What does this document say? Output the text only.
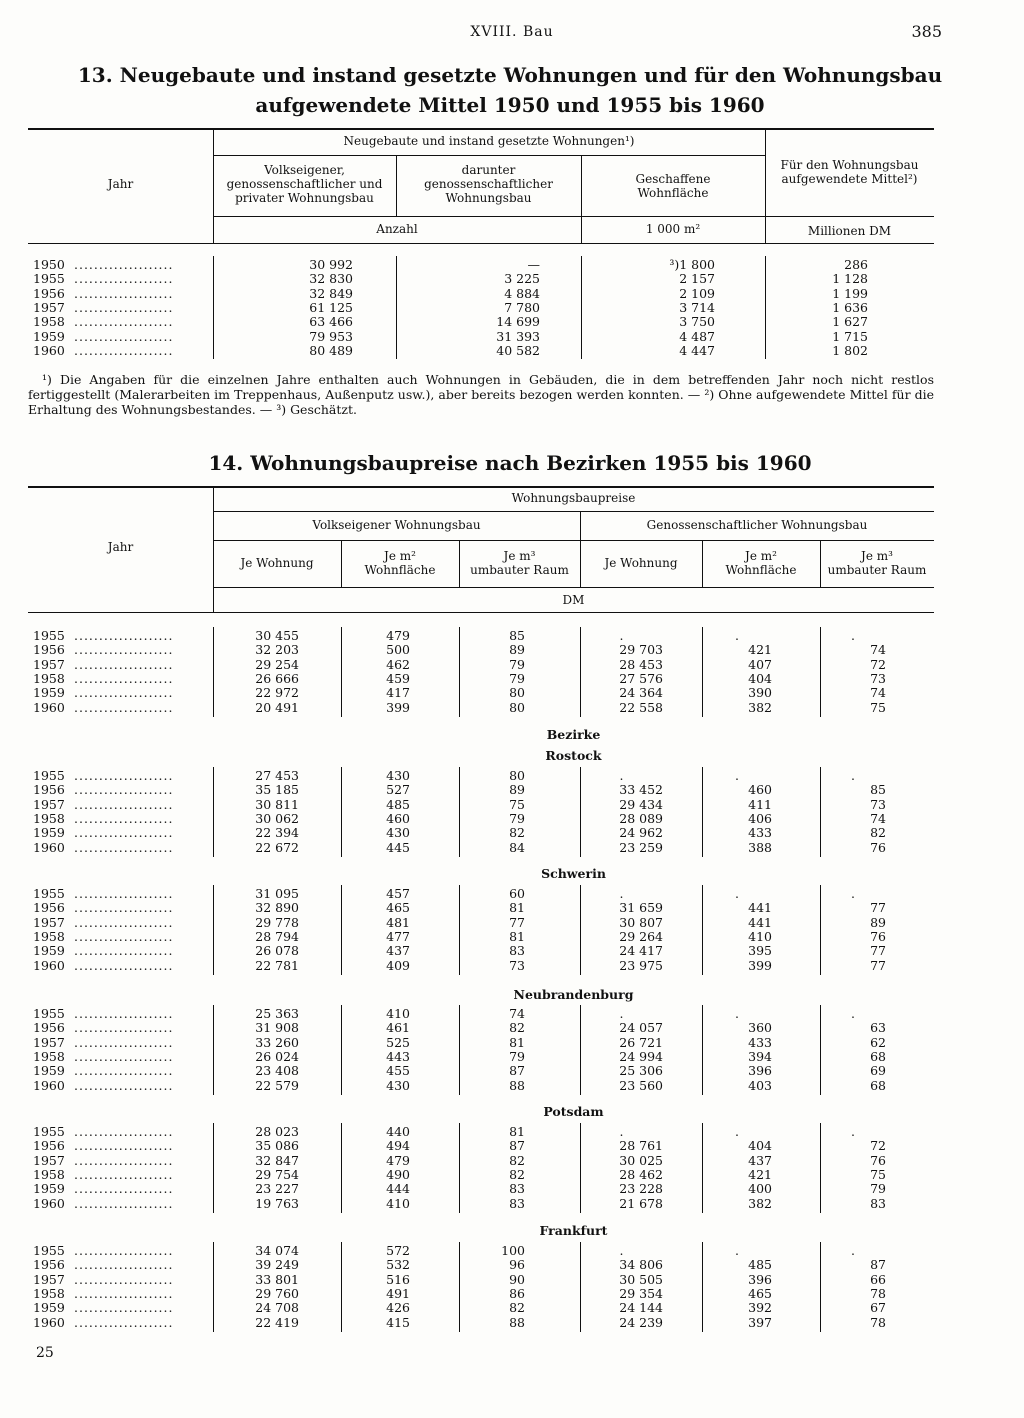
XVIII. Bau	385
13. Neugebaute und instand gesetzte Wohnungen und für den Wohnungsbau
aufgewendete Mittel 1950 und 1955 bis 1960
Jahr
Neugebaute und instand gesetzte Wohnungen¹)
Volkseigener,
genossenschaftlicher und
privater Wohnungsbau
darunter
genossenschaftlicher
Wohnungsbau
Geschaffene
Wohnfläche
Für den Wohnungsbau
aufgewendete Mittel²)
Anzahl	1 000 m²	Millionen DM
1950 ....................	30 992	—	³)1 800	286
1955 ....................	32 830	3 225	2 157	1 128
1956 ....................	32 849	4 884	2 109	1 199
1957 ....................	61 125	7 780	3 714	1 636
1958 ....................	63 466	14 699	3 750	1 627
1959 ....................	79 953	31 393	4 487	1 715
1960 ....................	80 489	40 582	4 447	1 802
¹) Die Angaben für die einzelnen Jahre enthalten auch Wohnungen in Gebäuden, die in dem betreffenden Jahr noch nicht restlos fertiggestellt (Malerarbeiten im Treppenhaus, Außenputz usw.), aber bereits bezogen werden konnten. — ²) Ohne aufgewendete Mittel für die Erhaltung des Wohnungsbestandes. — ³) Geschätzt.
14. Wohnungsbaupreise nach Bezirken 1955 bis 1960
Jahr
Wohnungsbaupreise
Volkseigener Wohnungsbau	Genossenschaftlicher Wohnungsbau
Je Wohnung	Je m²
Wohnfläche
Je m³
umbauter Raum	Je Wohnung	Je m²
Wohnfläche
Je m³
umbauter Raum
DM
Bezirke
1955 ....................	30 455	479	85	.	.	.
1956 ....................	32 203	500	89	29 703	421	74
1957 ....................	29 254	462	79	28 453	407	72
1958 ....................	26 666	459	79	27 576	404	73
1959 ....................	22 972	417	80	24 364	390	74
1960 ....................	20 491	399	80	22 558	382	75
Rostock
1955 ....................	27 453	430	80	.	.	.
1956 ....................	35 185	527	89	33 452	460	85
1957 ....................	30 811	485	75	29 434	411	73
1958 ....................	30 062	460	79	28 089	406	74
1959 ....................	22 394	430	82	24 962	433	82
1960 ....................	22 672	445	84	23 259	388	76
Schwerin
1955 ....................	31 095	457	60	.	.	.
1956 ....................	32 890	465	81	31 659	441	77
1957 ....................	29 778	481	77	30 807	441	89
1958 ....................	28 794	477	81	29 264	410	76
1959 ....................	26 078	437	83	24 417	395	77
1960 ....................	22 781	409	73	23 975	399	77
Neubrandenburg
1955 ....................	25 363	410	74	.	.	.
1956 ....................	31 908	461	82	24 057	360	63
1957 ....................	33 260	525	81	26 721	433	62
1958 ....................	26 024	443	79	24 994	394	68
1959 ....................	23 408	455	87	25 306	396	69
1960 ....................	22 579	430	88	23 560	403	68
Potsdam
1955 ....................	28 023	440	81	.	.	.
1956 ....................	35 086	494	87	28 761	404	72
1957 ....................	32 847	479	82	30 025	437	76
1958 ....................	29 754	490	82	28 462	421	75
1959 ....................	23 227	444	83	23 228	400	79
1960 ....................	19 763	410	83	21 678	382	83
Frankfurt
1955 ....................	34 074	572	100	.	.	.
1956 ....................	39 249	532	96	34 806	485	87
1957 ....................	33 801	516	90	30 505	396	66
1958 ....................	29 760	491	86	29 354	465	78
1959 ....................	24 708	426	82	24 144	392	67
1960 ....................	22 419	415	88	24 239	397	78
25
